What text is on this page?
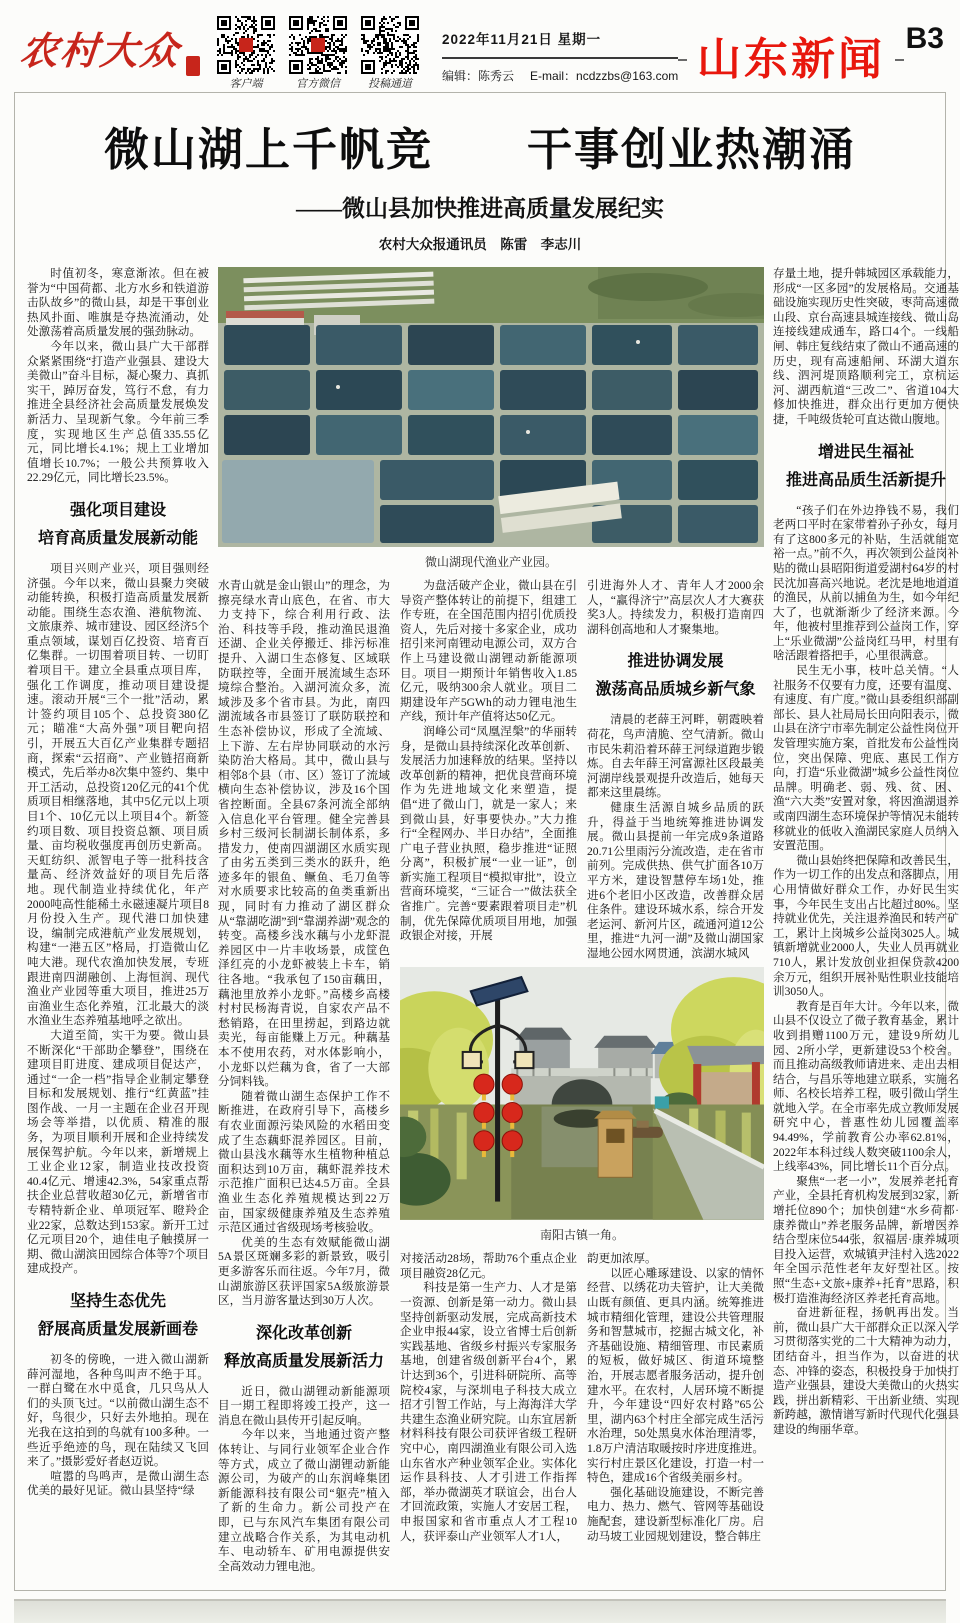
农村大众
客户端	官方微信	投稿通道
2022年11月21日 星期一
编辑：陈秀云 E-mail：ncdzzbs@163.com 山东新闻 B3
微山湖上千帆竞　　干事创业热潮涌
——微山县加快推进高质量发展纪实
农村大众报通讯员　陈雷　李志川

时值初冬，寒意渐浓。但在被誉为“中国荷都、北方水乡和铁道游击队故乡”的微山县，却是干事创业热风扑面、唯旗是夺热流涌动，处处激荡着高质量发展的强劲脉动。

今年以来，微山县广大干部群众紧紧围绕“打造产业强县、建设大美微山”奋斗目标，凝心聚力、真抓实干，踔厉奋发，笃行不怠，有力推进全县经济社会高质量发展焕发新活力、呈现新气象。今年前三季度，实现地区生产总值335.55亿元，同比增长4.1%；规上工业增加值增长10.7%；一般公共预算收入22.29亿元，同比增长23.5%。

强化项目建设
培育高质量发展新动能

项目兴则产业兴，项目强则经济强。今年以来，微山县聚力突破动能转换，积极打造高质量发展新动能。围绕生态农渔、港航物流、文旅康养、城市建设、园区经济5个重点领域，谋划百亿投资、培育百亿集群。一切围着项目转、一切盯着项目干。建立全县重点项目库，强化工作调度，推动项目建设提速。滚动开展“三个一批”活动，累计签约项目105个、总投资380亿元；瞄准“大高外强”项目靶向招引，开展五大百亿产业集群专题招商，探索“云招商”、产业链招商新模式，先后举办8次集中签约、集中开工活动，总投资120亿元的41个优质项目相继落地，其中5亿元以上项目1个、10亿元以上项目4个。新签约项目数、项目投资总额、项目质量、亩均税收强度再创历史新高。天虹纺织、派智电子等一批科技含量高、经济效益好的项目先后落地。现代制造业持续优化，年产2000吨高性能稀土永磁速凝片项目8月份投入生产。现代港口加快建设，编制完成港航产业发展规划，构建“一港五区”格局，打造微山亿吨大港。现代农渔加快发展，专班跟进南四湖融创、上海恒润、现代渔业产业园等重大项目，推进25万亩渔业生态化养殖，江北最大的淡水渔业生态养殖基地呼之欲出。

大道至简，实干为要。微山县不断深化“干部助企攀登”，围绕在建项目盯进度、建成项目促达产，通过“一企一档”指导企业制定攀登目标和发展规划、推行“红黄蓝”挂图作战、一月一主题在企业召开现场会等举措，以优质、精准的服务，为项目顺利开展和企业持续发展保驾护航。今年以来，新增规上工业企业12家，制造业技改投资40.4亿元、增速42.3%，54家重点帮扶企业总营收超30亿元，新增省市专精特新企业、单项冠军、瞪羚企业22家，总数达到153家。新开工过亿元项目20个，迪佳电子触摸屏一期、微山湖滨田园综合体等7个项目建成投产。

坚持生态优先
舒展高质量发展新画卷

初冬的傍晚，一进入微山湖新薛河湿地，各种鸟叫声不绝于耳。一群白鹭在水中觅食，几只鸟从人们的头顶飞过。“以前微山湖生态不好，鸟很少，只好去外地拍。现在光我在这拍到的鸟就有100多种。一些近乎绝迹的鸟，现在陆续又飞回来了。”摄影爱好者赵迈说。

喧嚣的鸟鸣声，是微山湖生态优美的最好见证。微山县坚持“绿

微山湖现代渔业产业园。

水青山就是金山银山”的理念，为擦亮绿水青山底色，在省、市大力支持下，综合利用行政、法治、科技等手段，推动渔民退渔还湖、企业关停搬迁、排污标准提升、入湖口生态修复、区域联防联控等，全面开展流域生态环境综合整治。入湖河流众多，流域涉及多个省市县。为此，南四湖流域各市县签订了联防联控和生态补偿协议，形成了全流域、上下游、左右岸协同联动的水污染防治大格局。其中，微山县与相邻8个县（市、区）签订了流域横向生态补偿协议，涉及16个国省控断面。全县67条河流全部纳入信息化平台管理。健全完善县乡村三级河长制湖长制体系，多措发力，使南四湖湖区水质实现了由劣五类到三类水的跃升，绝迹多年的银鱼、鳜鱼、毛刀鱼等对水质要求比较高的鱼类重新出现，同时有力推动了湖区群众从“靠湖吃湖”到“靠湖养湖”观念的转变。高楼乡浅水藕与小龙虾混养园区中一片丰收场景，成筐色泽红亮的小龙虾被装上卡车，销往各地。“我承包了150亩藕田，藕池里放养小龙虾。”高楼乡高楼村村民杨海青说，自家农产品不愁销路，在田里捞起，到路边就卖光，每亩能赚上万元。种藕基本不使用农药，对水体影响小，小龙虾以烂藕为食，省了一大部分饲料钱。

随着微山湖生态保护工作不断推进，在政府引导下，高楼乡有农业面源污染风险的水稻田变成了生态藕虾混养园区。目前，微山县浅水藕等水生植物种植总面积达到10万亩，藕虾混养技术示范推广面积已达4.5万亩。全县渔业生态化养殖规模达到22万亩，国家级健康养殖及生态养殖示范区通过省级现场考核验收。

优美的生态有效赋能微山湖5A景区斑斓多彩的新景致，吸引更多游客乐而往返。今年7月，微山湖旅游区获评国家5A级旅游景区，当月游客量达到30万人次。

深化改革创新
释放高质量发展新活力

近日，微山湖锂动新能源项目一期工程即将竣工投产，这一消息在微山县传开引起反响。

今年以来，当地通过资产整体转让、与同行业领军企业合作等方式，成立了微山湖锂动新能源公司，为破产的山东润峰集团新能源科技有限公司“躯壳”植入了新的生命力。新公司投产在即，已与东风汽车集团有限公司建立战略合作关系，为其电动机车、电动轿车、矿用电源提供安全高效动力锂电池。

为盘活破产企业，微山县在引导资产整体转让的前提下，组建工作专班，在全国范围内招引优质投资人，先后对接十多家企业，成功招引来河南锂动电源公司，双方合作上马建设微山湖锂动新能源项目。项目一期预计年销售收入1.85亿元，吸纳300余人就业。项目二期建设年产5GWh的动力锂电池生产线，预计年产值将达50亿元。

润峰公司“凤凰涅槃”的华丽转身，是微山县持续深化改革创新、发展活力加速释放的结果。坚持以改革创新的精神，把优良营商环境作为先进地域文化来塑造，提倡“进了微山门，就是一家人；来到微山县，好事要快办。”大力推行“全程网办、半日办结”，全面推广电子营业执照，稳步推进“证照分离”，积极扩展“一业一证”，创新实施工程项目“模拟审批”，设立营商环境奖，“三证合一”做法获全省推广。完善“要素跟着项目走”机制，优先保障优质项目用地，加强政银企对接，开展

引进海外人才、青年人才2000余人，“赢得济宁”高层次人才大赛获奖3人。持续发力，积极打造南四湖科创高地和人才聚集地。

推进协调发展
激荡高品质城乡新气象

清晨的老薛王河畔，朝霞映着荷花，鸟声清脆、空气清新。微山市民朱莉沿着环薛王河绿道跑步锻炼。自去年薛王河富源社区段最美河湖岸线景观提升改造后，她每天都来这里晨练。

健康生活源自城乡品质的跃升，得益于当地统筹推进协调发展。微山县提前一年完成9条道路20.71公里雨污分流改造，走在省市前列。完成供热、供气扩面各10万平方米，建设智慧停车场1处，推进6个老旧小区改造，改善群众居住条件。建设环城水系，综合开发老运河、新河片区，疏通河道12公里，推进“九河一湖”及微山湖国家湿地公园水网贯通，滨湖水城风

南阳古镇一角。

对接活动28场，帮助76个重点企业项目融资28亿元。

科技是第一生产力、人才是第一资源、创新是第一动力。微山县坚持创新驱动发展，完成高新技术企业申报44家，设立省博士后创新实践基地、省级乡村振兴专家服务基地，创建省级创新平台4个，累计达到36个，引进科研院所、高等院校4家，与深圳电子科技大成立招才引智工作站，与上海海洋大学共建生态渔业研究院。山东宜居新材料科技有限公司获评省级工程研究中心，南四湖渔业有限公司入选山东省水产种业领军企业。实体化运作县科技、人才引进工作指挥部，举办微湖英才联谊会，出台人才回流政策，实施人才安居工程，申报国家和省市重点人才工程10人，获评泰山产业领军人才1人，

韵更加浓厚。

以匠心雕琢建设、以家的情怀经营、以绣花功夫管护，让大美微山既有颜值、更具内涵。统筹推进城市精细化管理，建设公共管理服务和智慧城市，挖掘古城文化，补齐基础设施、精细管理、市民素质的短板，做好城区、街道环境整治，开展志愿者服务活动，提升创建水平。在农村，人居环境不断提升，今年建设“四好农村路”65公里，湖内63个村庄全部完成生活污水治理，50处黑臭水体治理清零，1.8万户清洁取暖按时序进度推进。实行村庄景区化建设，打造一村一特色，建成16个省级美丽乡村。

强化基础设施建设，不断完善电力、热力、燃气、管网等基础设施配套，建设新型标准化厂房。启动马坡工业园规划建设，整合韩庄

存量土地，提升韩城园区承载能力，形成“一区多园”的发展格局。交通基础设施实现历史性突破，枣菏高速微山段、京台高速县城连接线、微山岛连接线建成通车，路口4个。一线船闸、韩庄复线结束了微山不通高速的历史，现有高速船闸、环湖大道东线、泗河堤顶路顺利完工，京杭运河、湖西航道“三改二”、省道104大修加快推进，群众出行更加方便快捷，千吨级货轮可直达微山腹地。

增进民生福祉
推进高品质生活新提升

“孩子们在外边挣钱不易，我们老两口平时在家带着孙子孙女，每月有了这800多元的补贴，生活就能宽裕一点。”前不久，再次领到公益岗补贴的微山县昭阳街道爱湖村64岁的村民沈加喜高兴地说。老沈是地地道道的渔民，从前以捕鱼为生，如今年纪大了，也就渐渐少了经济来源。今年，他被村里推荐到公益岗工作，穿上“乐业微湖”公益岗红马甲，村里有啥活跟着搭把手，心里很满意。

民生无小事，枝叶总关情。“人社服务不仅要有力度，还要有温度、有速度、有广度。”微山县委组织部副部长、县人社局局长田向阳表示，微山县在济宁市率先制定公益性岗位开发管理实施方案，首批发布公益性岗位，突出保障、兜底、惠民工作方向，打造“乐业微湖”城乡公益性岗位品牌。明确老、弱、残、贫、困、渔“六大类”安置对象，将因渔湖退养或南四湖生态环境保护等情况未能转移就业的低收入渔湖民家庭人员纳入安置范围。

微山县始终把保障和改善民生，作为一切工作的出发点和落脚点，用心用情做好群众工作，办好民生实事，今年民生支出占比超过80%。坚持就业优先，关注退养渔民和转产矿工，累计上岗城乡公益岗3025人。城镇新增就业2000人，失业人员再就业710人，累计发放创业担保贷款4200余万元，组织开展补贴性职业技能培训3050人。

教育是百年大计。今年以来，微山县不仅设立了微子教育基金，累计收到捐赠1100万元，建设9所幼儿园、2所小学，更新建设53个校舍。而且推动高级教师请进来、走出去相结合，与昌乐等地建立联系，实施名师、名校长培养工程，吸引微山学生就地入学。在全市率先成立教师发展研究中心，普惠性幼儿园覆盖率94.49%，学前教育公办率62.81%，2022年本科过线人数突破1100余人，上线率43%，同比增长11个百分点。

聚焦“一老一小”，发展养老托育产业，全县托育机构发展到32家，新增托位890个；加快创建“水乡荷都·康养微山”养老服务品牌，新增医养结合型床位544张，叙福居·康养城项目投入运营，欢城镇尹洼村入选2022年全国示范性老年友好型社区。按照“生态+文旅+康养+托育”思路，积极打造淮海经济区养老托育高地。

奋进新征程，扬帆再出发。当前，微山县广大干部群众正以深入学习贯彻落实党的二十大精神为动力，团结奋斗，担当作为，以奋进的状态、冲锋的姿态，积极投身于加快打造产业强县，建设大美微山的火热实践，拼出新精彩、干出新业绩、实现新跨越，激情谱写新时代现代化强县建设的绚丽华章。
